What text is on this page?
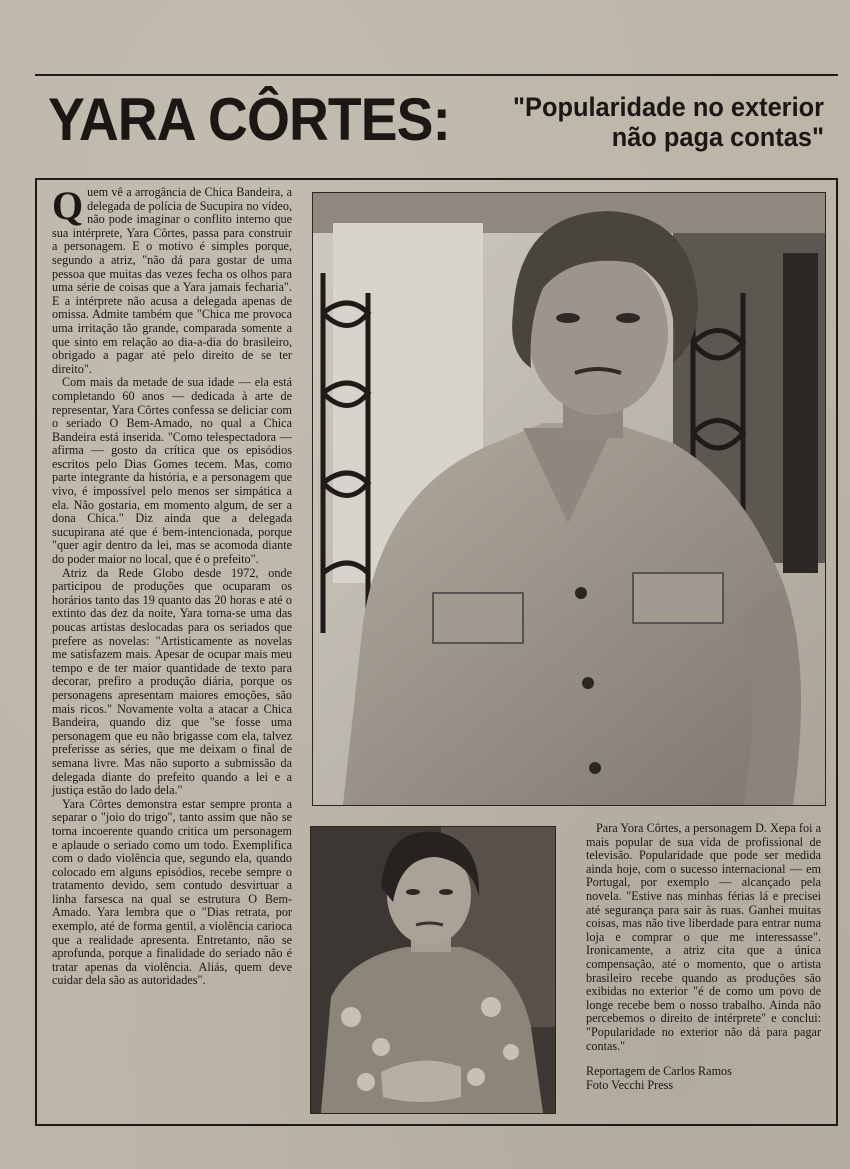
YARA CÔRTES:	"Popularidade no exterior não paga contas"

Quem vê a arrogância de Chica Bandeira, a delegada de polícia de Sucupira no vídeo, não pode imaginar o conflito interno que sua intérprete, Yara Côrtes, passa para construir a personagem. E o motivo é simples porque, segundo a atriz, "não dá para gostar de uma pessoa que muitas das vezes fecha os olhos para uma série de coisas que a Yara jamais fecharia". E a intérprete não acusa a delegada apenas de omissa. Admite também que "Chica me provoca uma irritação tão grande, comparada somente a que sinto em relação ao dia-a-dia do brasileiro, obrigado a pagar até pelo direito de se ter direito".

Com mais da metade de sua idade — ela está completando 60 anos — dedicada à arte de representar, Yara Côrtes confessa se deliciar com o seriado O Bem-Amado, no qual a Chica Bandeira está inserida. "Como telespectadora — afirma — gosto da crítica que os episódios escritos pelo Dias Gomes tecem. Mas, como parte integrante da história, e a personagem que vivo, é impossível pelo menos ser simpática a ela. Não gostaria, em momento algum, de ser a dona Chica." Diz ainda que a delegada sucupirana até que é bem-intencionada, porque "quer agir dentro da lei, mas se acomoda diante do poder maior no local, que é o prefeito".

Atriz da Rede Globo desde 1972, onde participou de produções que ocuparam os horários tanto das 19 quanto das 20 horas e até o extinto das dez da noite, Yara torna-se uma das poucas artistas deslocadas para os seriados que prefere as novelas: "Artisticamente as novelas me satisfazem mais. Apesar de ocupar mais meu tempo e de ter maior quantidade de texto para decorar, prefiro a produção diária, porque os personagens apresentam maiores emoções, são mais ricos." Novamente volta a atacar a Chica Bandeira, quando diz que "se fosse uma personagem que eu não brigasse com ela, talvez preferisse as séries, que me deixam o final de semana livre. Mas não suporto a submissão da delegada diante do prefeito quando a lei e a justiça estão do lado dela."

Yara Côrtes demonstra estar sempre pronta a separar o "joio do trigo", tanto assim que não se torna incoerente quando critica um personagem e aplaude o seriado como um todo. Exemplifica com o dado violência que, segundo ela, quando colocado em alguns episódios, recebe sempre o tratamento devido, sem contudo desvirtuar a linha farsesca na qual se estrutura O Bem-Amado. Yara lembra que o "Dias retrata, por exemplo, até de forma gentil, a violência carioca que a realidade apresenta. Entretanto, não se aprofunda, porque a finalidade do seriado não é tratar apenas da violência. Aliás, quem deve cuidar dela são as autoridades".

Para Yora Côrtes, a personagem D. Xepa foi a mais popular de sua vida de profissional de televisão. Popularidade que pode ser medida ainda hoje, com o sucesso internacional — em Portugal, por exemplo — alcançado pela novela. "Estive nas minhas férias lá e precisei até segurança para sair às ruas. Ganhei muitas coisas, mas não tive liberdade para entrar numa loja e comprar o que me interessasse". Ironicamente, a atriz cita que a única compensação, até o momento, que o artista brasileiro recebe quando as produções são exibidas no exterior "é de como um povo de longe recebe bem o nosso trabalho. Ainda não percebemos o direito de intérprete" e conclui: "Popularidade no exterior não dá para pagar contas."

Reportagem de Carlos Ramos
Foto Vecchi Press
